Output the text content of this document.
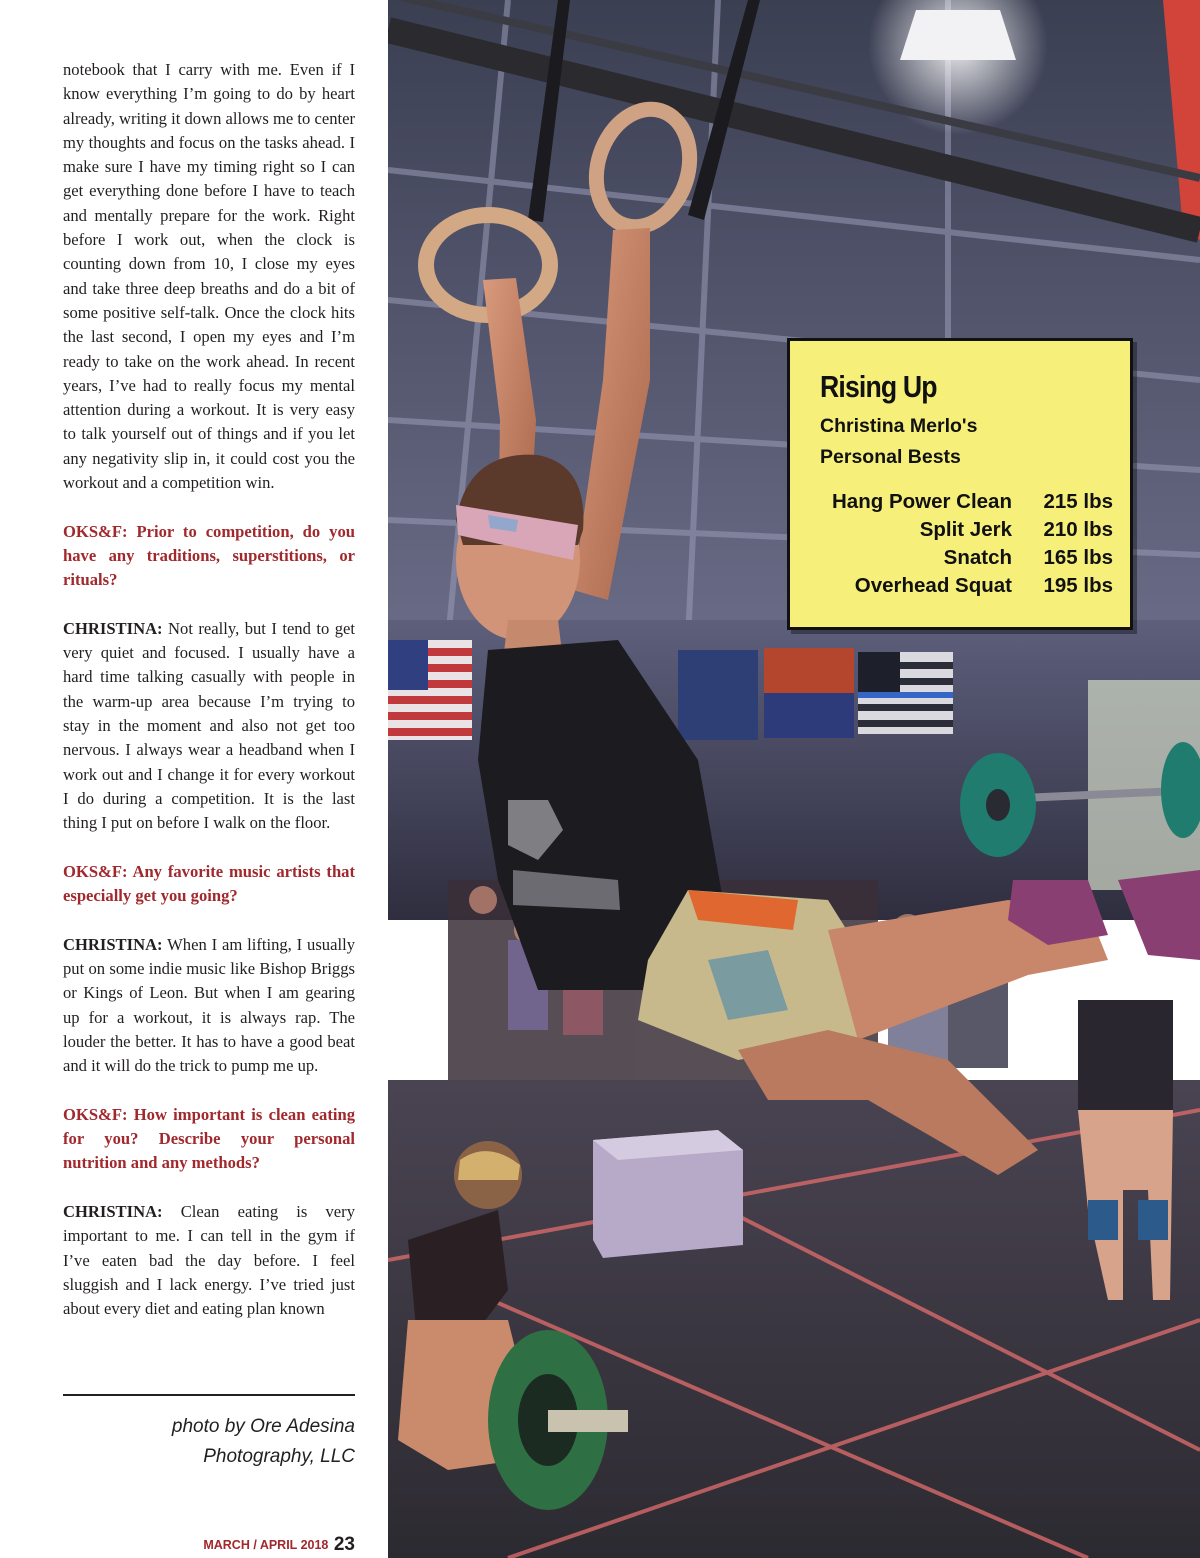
notebook that I carry with me. Even if I know everything I’m going to do by heart already, writing it down allows me to center my thoughts and focus on the tasks ahead. I make sure I have my timing right so I can get everything done before I have to teach and mentally prepare for the work. Right before I work out, when the clock is counting down from 10, I close my eyes and take three deep breaths and do a bit of some positive self-talk. Once the clock hits the last second, I open my eyes and I’m ready to take on the work ahead. In recent years, I’ve had to really focus my mental attention during a workout. It is very easy to talk yourself out of things and if you let any negativity slip in, it could cost you the workout and a competition win.

OKS&F: Prior to competition, do you have any traditions, superstitions, or rituals?

CHRISTINA: Not really, but I tend to get very quiet and focused. I usually have a hard time talking casually with people in the warm-up area because I’m trying to stay in the moment and also not get too nervous. I always wear a headband when I work out and I change it for every workout I do during a competition. It is the last thing I put on before I walk on the floor.

OKS&F: Any favorite music artists that especially get you going?

CHRISTINA: When I am lifting, I usually put on some indie music like Bishop Briggs or Kings of Leon. But when I am gearing up for a workout, it is always rap. The louder the better. It has to have a good beat and it will do the trick to pump me up.

OKS&F: How important is clean eating for you? Describe your personal nutrition and any methods?

CHRISTINA: Clean eating is very important to me. I can tell in the gym if I’ve eaten bad the day before. I feel sluggish and I lack energy. I’ve tried just about every diet and eating plan known

photo by Ore Adesina
Photography, LLC
MARCH / APRIL 2018 23
Rising Up
Christina Merlo's
Personal Bests
Hang Power Clean	215 lbs
Split Jerk	210 lbs
Snatch	165 lbs
Overhead Squat	195 lbs
